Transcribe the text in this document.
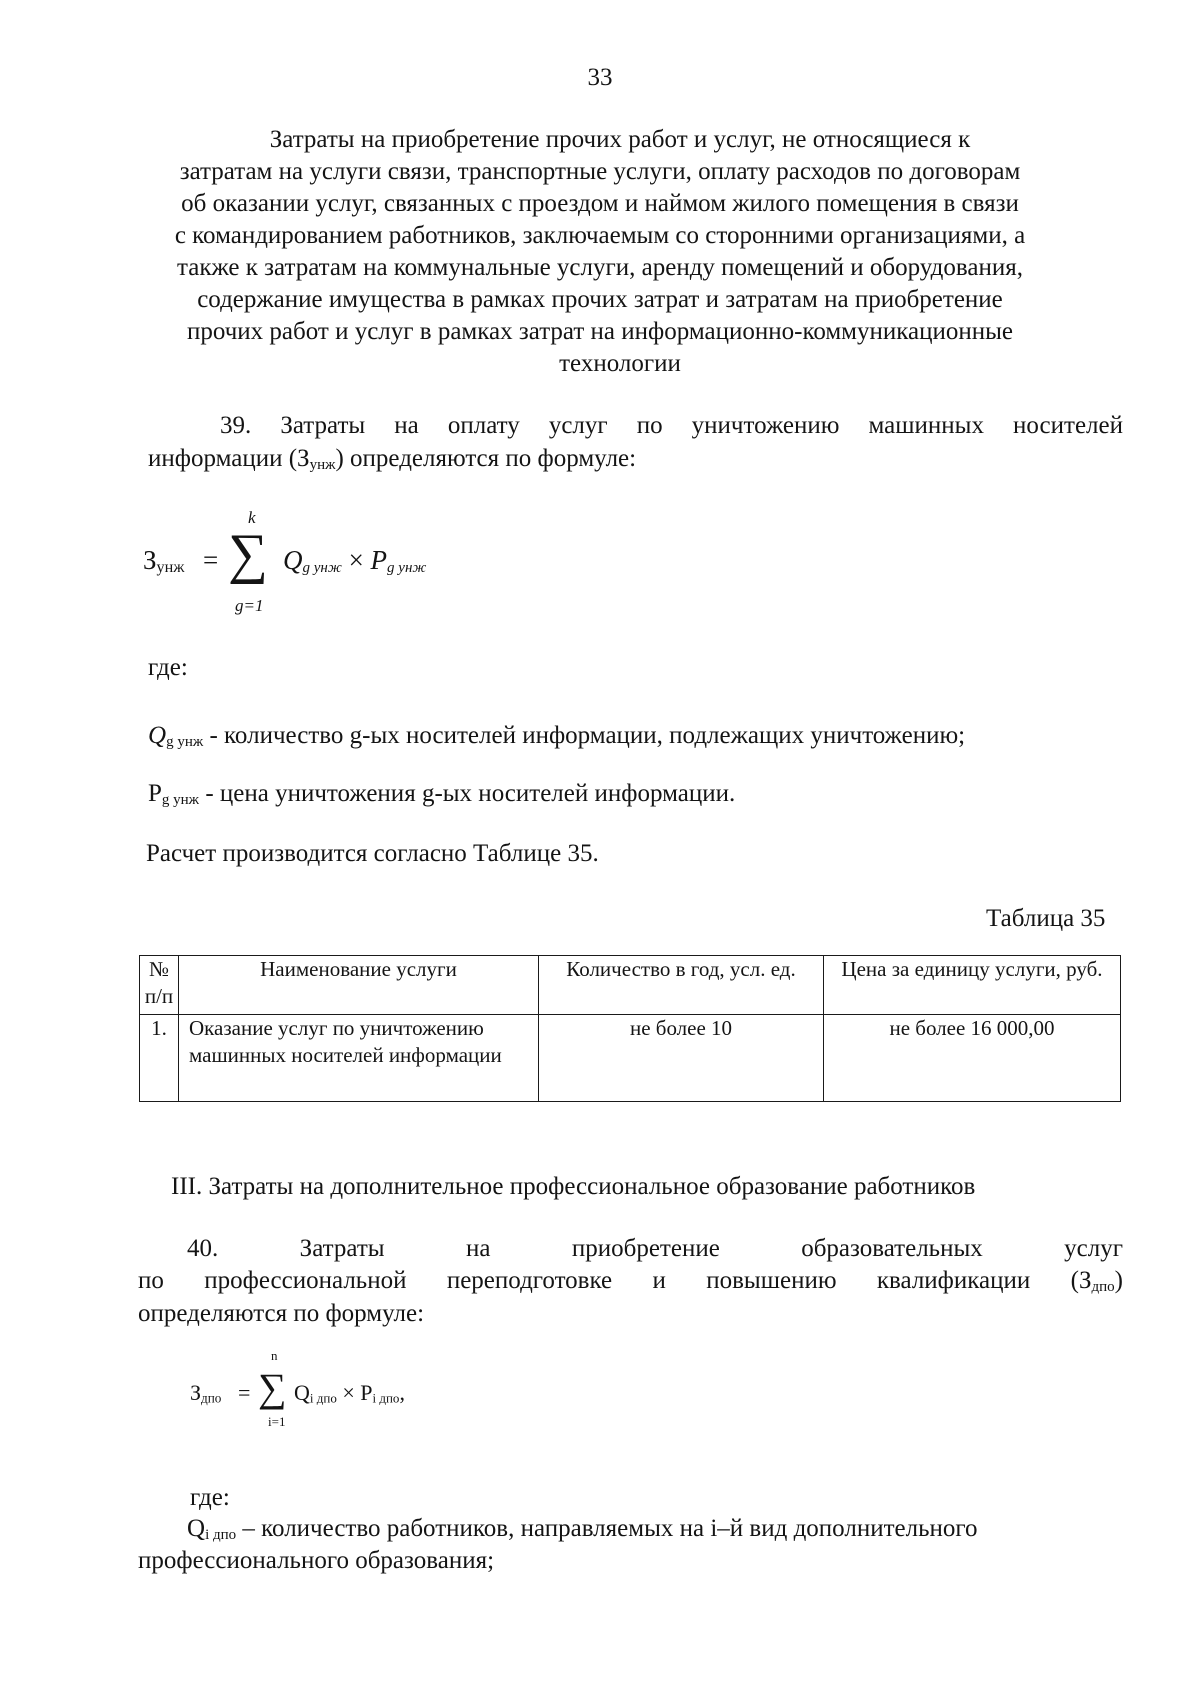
33
Затраты на приобретение прочих работ и услуг, не относящиеся к
затратам на услуги связи, транспортные услуги, оплату расходов по договорам
об оказании услуг, связанных с проездом и наймом жилого помещения в связи
с командированием работников, заключаемым со сторонними организациями, а
также к затратам на коммунальные услуги, аренду помещений и оборудования,
содержание имущества в рамках прочих затрат и затратам на приобретение
прочих работ и услуг в рамках затрат на информационно-коммуникационные
технологии
39. Затраты на оплату услуг по уничтожению машинных носителей
информации $(З_{унж})$ определяются по формуле:
$З_{унж}$ =
k
∑
g=1
$Q_{g унж} \times P_{g унж}$
где:
$Q_{g унж}$ - количество g-ых носителей информации, подлежащих уничтожению;
$P_{g унж}$ - цена уничтожения g-ых носителей информации.
Расчет производится согласно Таблице 35.
Таблица 35
№ п/п	Наименование услуги	Количество в год, усл. ед.	Цена за единицу услуги, руб.
1.	Оказание услуг по уничтожению машинных носителей информации	не более 10	не более 16 000,00
III. Затраты на дополнительное профессиональное образование работников
40. Затраты на приобретение образовательных услуг
по профессиональной переподготовке и повышению квалификации $(З_{дпо})$
определяются по формуле:
$З_{дпо}$ =
n
∑
i=1
$Q_{i дпо} \times P_{i дпо}$,
где:
$Q_{i дпо}$ – количество работников, направляемых на i–й вид дополнительного
профессионального образования;
